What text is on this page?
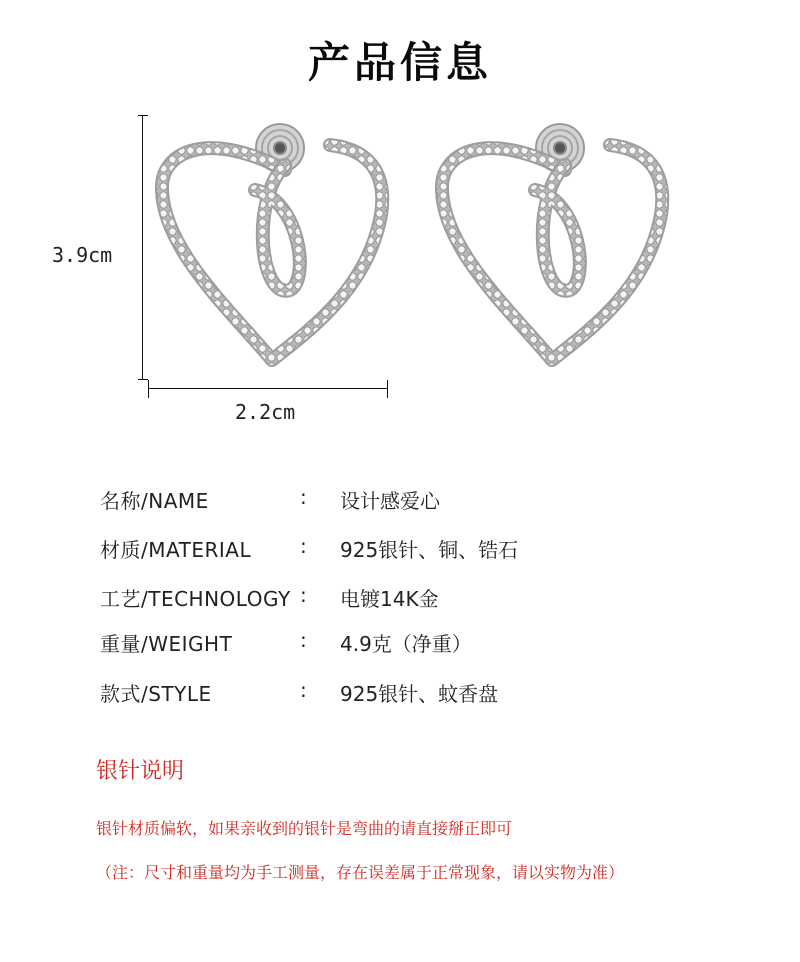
产品信息
3.9cm
2.2cm
名称/NAME	: 设计感爱心
材质/MATERIAL : 925银针、铜、锆石
工艺/TECHNOLOGY : 电镀14K金
重量/WEIGHT	: 4.9克（净重）
款式/STYLE	: 925银针、蚊香盘
银针说明
银针材质偏软，如果亲收到的银针是弯曲的请直接掰正即可
（注：尺寸和重量均为手工测量，存在误差属于正常现象，请以实物为准）
